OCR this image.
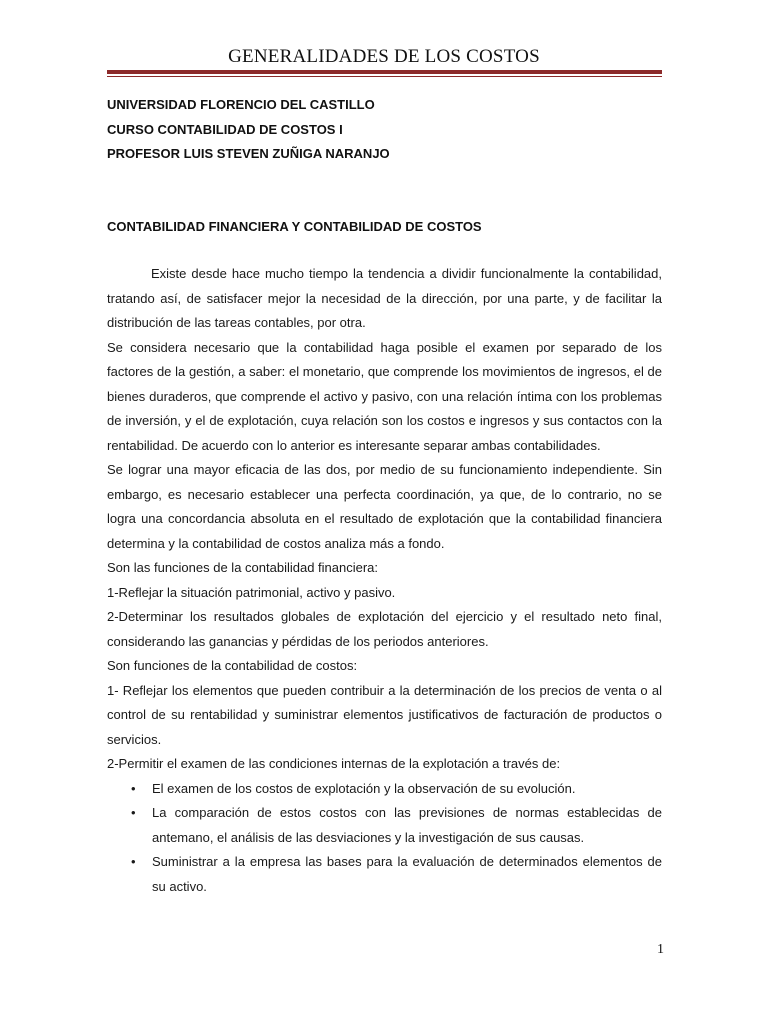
GENERALIDADES DE LOS COSTOS
UNIVERSIDAD FLORENCIO DEL CASTILLO
CURSO CONTABILIDAD DE COSTOS I
PROFESOR LUIS STEVEN ZUÑIGA NARANJO
CONTABILIDAD FINANCIERA Y CONTABILIDAD DE COSTOS

Existe desde hace mucho tiempo la tendencia a dividir funcionalmente la contabilidad, tratando así, de satisfacer mejor la necesidad de la dirección, por una parte, y de facilitar la distribución de las tareas contables, por otra.

Se considera necesario que la contabilidad haga posible el examen por separado de los factores de la gestión, a saber: el monetario, que comprende los movimientos de ingresos, el de bienes duraderos, que comprende el activo y pasivo, con una relación íntima con los problemas de inversión, y el de explotación, cuya relación son los costos e ingresos y sus contactos con la rentabilidad. De acuerdo con lo anterior es interesante separar ambas contabilidades.

Se lograr una mayor eficacia de las dos, por medio de su funcionamiento independiente. Sin embargo, es necesario establecer una perfecta coordinación, ya que, de lo contrario, no se logra una concordancia absoluta en el resultado de explotación que la contabilidad financiera determina y la contabilidad de costos analiza más a fondo.

Son las funciones de la contabilidad financiera:

1-Reflejar la situación patrimonial, activo y pasivo.

2-Determinar los resultados globales de explotación del ejercicio y el resultado neto final, considerando las ganancias y pérdidas de los periodos anteriores.

Son funciones de la contabilidad de costos:

1- Reflejar los elementos que pueden contribuir a la determinación de los precios de venta o al control de su rentabilidad y suministrar elementos justificativos de facturación de productos o servicios.

2-Permitir el examen de las condiciones internas de la explotación a través de:

• El examen de los costos de explotación y la observación de su evolución.
• La comparación de estos costos con las previsiones de normas establecidas de antemano, el análisis de las desviaciones y la investigación de sus causas.
• Suministrar a la empresa las bases para la evaluación de determinados elementos de su activo.
1
